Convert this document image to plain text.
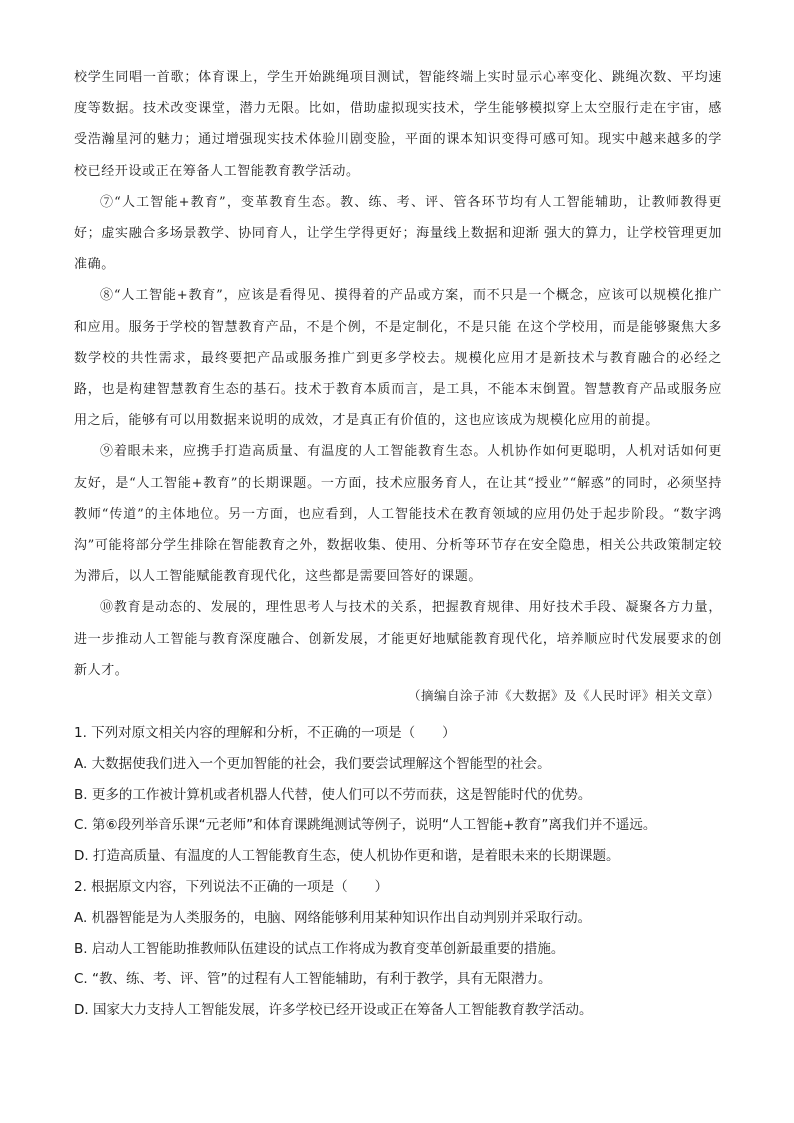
校学生同唱一首歌；体育课上，学生开始跳绳项目测试，智能终端上实时显示心率变化、跳绳次数、平均速度等数据。技术改变课堂，潜力无限。比如，借助虚拟现实技术，学生能够模拟穿上太空服行走在宇宙，感受浩瀚星河的魅力；通过增强现实技术体验川剧变脸，平面的课本知识变得可感可知。现实中越来越多的学校已经开设或正在筹备人工智能教育教学活动。

⑦“人工智能+教育”，变革教育生态。教、练、考、评、管各环节均有人工智能辅助，让教师教得更好；虚实融合多场景教学、协同育人，让学生学得更好；海量线上数据和迎渐 强大的算力，让学校管理更加准确。

⑧“人工智能+教育”，应该是看得见、摸得着的产品或方案，而不只是一个概念，应该可以规模化推广和应用。服务于学校的智慧教育产品，不是个例，不是定制化，不是只能 在这个学校用，而是能够聚焦大多数学校的共性需求，最终要把产品或服务推广到更多学校去。规模化应用才是新技术与教育融合的必经之路，也是构建智慧教育生态的基石。技术于教育本质而言，是工具，不能本末倒置。智慧教育产品或服务应用之后，能够有可以用数据来说明的成效，才是真正有价值的，这也应该成为规模化应用的前提。

⑨着眼未来，应携手打造高质量、有温度的人工智能教育生态。人机协作如何更聪明，人机对话如何更友好，是“人工智能+教育”的长期课题。一方面，技术应服务育人，在让其“授业”“解惑”的同时，必须坚持教师“传道”的主体地位。另一方面，也应看到，人工智能技术在教育领域的应用仍处于起步阶段。“数字鸿沟”可能将部分学生排除在智能教育之外，数据收集、使用、分析等环节存在安全隐患，相关公共政策制定较为滞后，以人工智能赋能教育现代化，这些都是需要回答好的课题。

⑩教育是动态的、发展的，理性思考人与技术的关系，把握教育规律、用好技术手段、凝聚各方力量，进一步推动人工智能与教育深度融合、创新发展，才能更好地赋能教育现代化，培养顺应时代发展要求的创新人才。

（摘编自涂子沛《大数据》及《人民时评》相关文章）
1. 下列对原文相关内容的理解和分析，不正确的一项是（　　）
A. 大数据使我们进入一个更加智能的社会，我们要尝试理解这个智能型的社会。
B. 更多的工作被计算机或者机器人代替，使人们可以不劳而获，这是智能时代的优势。
C. 第⑥段列举音乐课“元老师”和体育课跳绳测试等例子，说明“人工智能+教育”离我们并不遥远。
D. 打造高质量、有温度的人工智能教育生态，使人机协作更和谐，是着眼未来的长期课题。
2. 根据原文内容，下列说法不正确的一项是（　　）
A. 机器智能是为人类服务的，电脑、网络能够利用某种知识作出自动判别并采取行动。
B. 启动人工智能助推教师队伍建设的试点工作将成为教育变革创新最重要的措施。
C. “教、练、考、评、管”的过程有人工智能辅助，有利于教学，具有无限潜力。
D. 国家大力支持人工智能发展，许多学校已经开设或正在筹备人工智能教育教学活动。
